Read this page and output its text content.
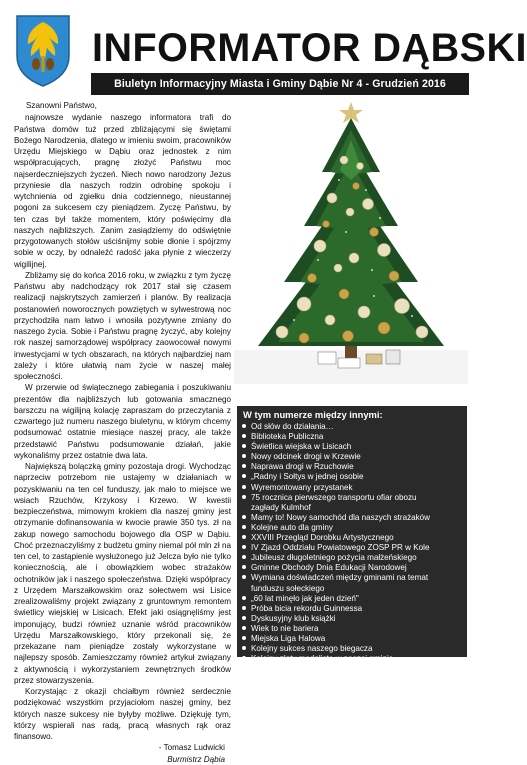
INFORMATOR DĄBSKI
Biuletyn Informacyjny Miasta i Gminy Dąbie Nr 4 - Grudzień 2016

Szanowni Państwo,

najnowsze wydanie naszego informatora trafi do Państwa domów tuż przed zbliżającymi się świętami Bożego Narodzenia, dlatego w imieniu swoim, pracowników Urzędu Miejskiego w Dąbiu oraz jednostek z nim współpracujących, pragnę złożyć Państwu moc najserdeczniejszych życzeń. Niech nowo narodzony Jezus przyniesie dla naszych rodzin odrobinę spokoju i wytchnienia od zgiełku dnia codziennego, nieustannej pogoni za sukcesem czy pieniądzem. Życzę Państwu, by ten czas był także momentem, który poświęcimy dla naszych najbliższych. Zanim zasiądziemy do odświętnie przygotowanych stołów uściśnijmy sobie dłonie i spójrzmy sobie w oczy, by odnaleźć radość jaka płynie z wieczerzy wigilijnej.

Zbliżamy się do końca 2016 roku, w związku z tym życzę Państwu aby nadchodzący rok 2017 stał się czasem realizacji najskrytszych zamierzeń i planów. By realizacja postanowień noworocznych powziętych w sylwestrową noc przychodziła nam łatwo i wnosiła pozytywne zmiany do naszego życia. Sobie i Państwu pragnę życzyć, aby kolejny rok naszej samorządowej współpracy zaowocował nowymi inwestycjami w tych obszarach, na których najbardziej nam zależy i które ułatwią nam życie w naszej małej społeczności.

W przerwie od świątecznego zabiegania i poszukiwaniu prezentów dla najbliższych lub gotowania smacznego barszczu na wigilijną kolację zapraszam do przeczytania z czwartego już numeru naszego biuletynu, w którym chcemy podsumować ostatnie miesiące naszej pracy, ale także przedstawić Państwu podsumowanie działań, jakie wykonaliśmy przez ostatnie dwa lata.

Największą bolączką gminy pozostaja drogi. Wychodząc naprzeciw potrzebom nie ustajemy w działaniach w pozyskiwaniu na ten cel funduszy, jak mało to miejsce we wsiach Rzuchów, Krzykosy i Krzewo. W kwestii bezpieczeństwa, mimowym krokiem dla naszej gminy jest otrzymanie dofinansowania w kwocie prawie 350 tys. zł na zakup nowego samochodu bojowego dla OSP w Dąbiu. Choć przeznaczyliśmy z budżetu gminy niemal pół mln zł na ten cel, to zastąpienie wysłużonego już Jelcza było nie tylko koniecznością, ale i obowiązkiem wobec strażaków ochotników jak i naszego społeczeństwa. Dzięki współpracy z Urzędem Marszałkowskim oraz sołectwem wsi Lisice zrealizowaliśmy projekt związany z gruntownym remontem świetlicy wiejskiej w Lisicach. Efekt jaki osiągnęliśmy jest imponujący, budzi również uznanie wśród pracowników Urzędu Marszałkowskiego, który przekonali się, że przekazane nam pieniądze zostały wykorzystane w najlepszy sposób. Zamieszczamy również artykuł związany z aktywnością i wykorzystaniem zewnętrznych środków przez stowarzyszenia.

Korzystając z okazji chciałbym również serdecznie podziękować wszystkim przyjaciołom naszej gminy, bez których nasze sukcesy nie byłyby możliwe. Dziękuję tym, którzy wspierali nas radą, pracą własnych rąk oraz finansowo.

- Tomasz Ludwicki

Burmistrz Dąbia

W tym numerze między innymi:
Od słów do działania…
Biblioteka Publiczna
Świetlica wiejska w Lisicach
Nowy odcinek drogi w Krzewie
Naprawa drogi w Rzuchowie
„Radny i Sołtys w jednej osobie
Wyremontowany przystanek
75 rocznica pierwszego transportu ofiar obozu
zagłady Kulmhof
Mamy to! Nowy samochód dla naszych strażaków
Kolejne auto dla gminy
XXVIII Przegląd Dorobku Artystycznego
IV Zjazd Oddziału Powiatowego ZOSP PR w Kole
Jubileusz długoletniego pożycia małżeńskiego
Gminne Obchody Dnia Edukacji Narodowej
Wymiana doświadczeń między gminami na temat
funduszu sołeckiego
„60 lat minęło jak jeden dzień"
Próba bicia rekordu Guinnessa
Dyskusyjny klub książki
Wiek to nie bariera
Miejska Liga Halowa
Kolejny sukces naszego biegacza
Kolejny złoty medalista w naszej gminie
Wybitni sportowcy
